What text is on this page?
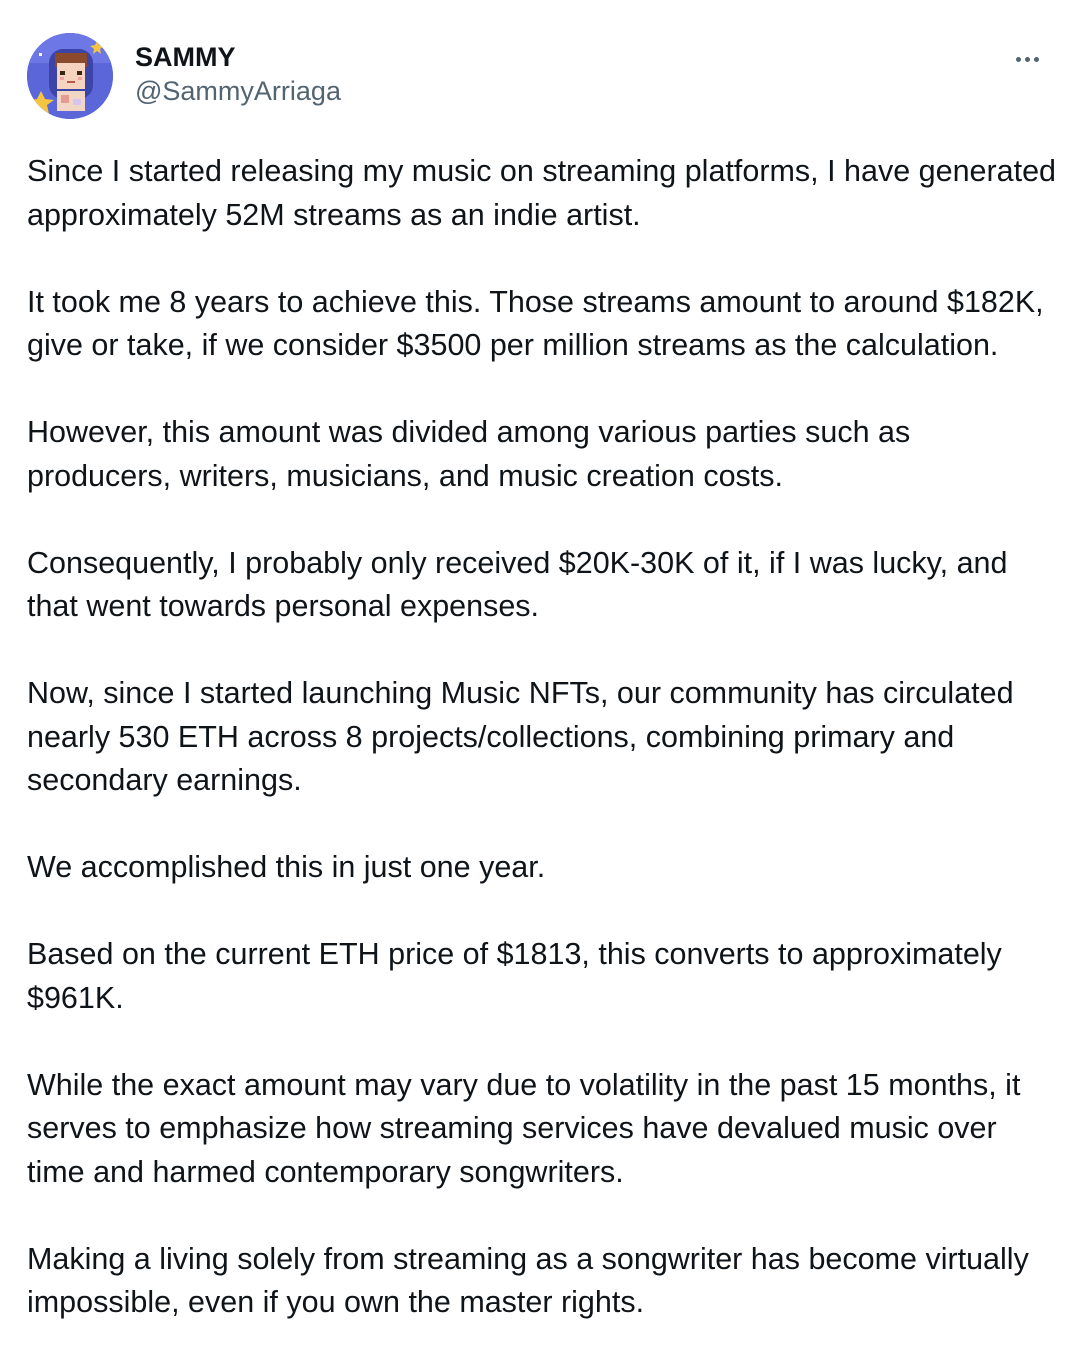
SAMMY
@SammyArriaga

Since I started releasing my music on streaming platforms, I have generated approximately 52M streams as an indie artist.

It took me 8 years to achieve this. Those streams amount to around $182K, give or take, if we consider $3500 per million streams as the calculation.

However, this amount was divided among various parties such as producers, writers, musicians, and music creation costs.

Consequently, I probably only received $20K-30K of it, if I was lucky, and that went towards personal expenses.

Now, since I started launching Music NFTs, our community has circulated nearly 530 ETH across 8 projects/collections, combining primary and secondary earnings.

We accomplished this in just one year.

Based on the current ETH price of $1813, this converts to approximately $961K.

While the exact amount may vary due to volatility in the past 15 months, it serves to emphasize how streaming services have devalued music over time and harmed contemporary songwriters.

Making a living solely from streaming as a songwriter has become virtually impossible, even if you own the master rights.
